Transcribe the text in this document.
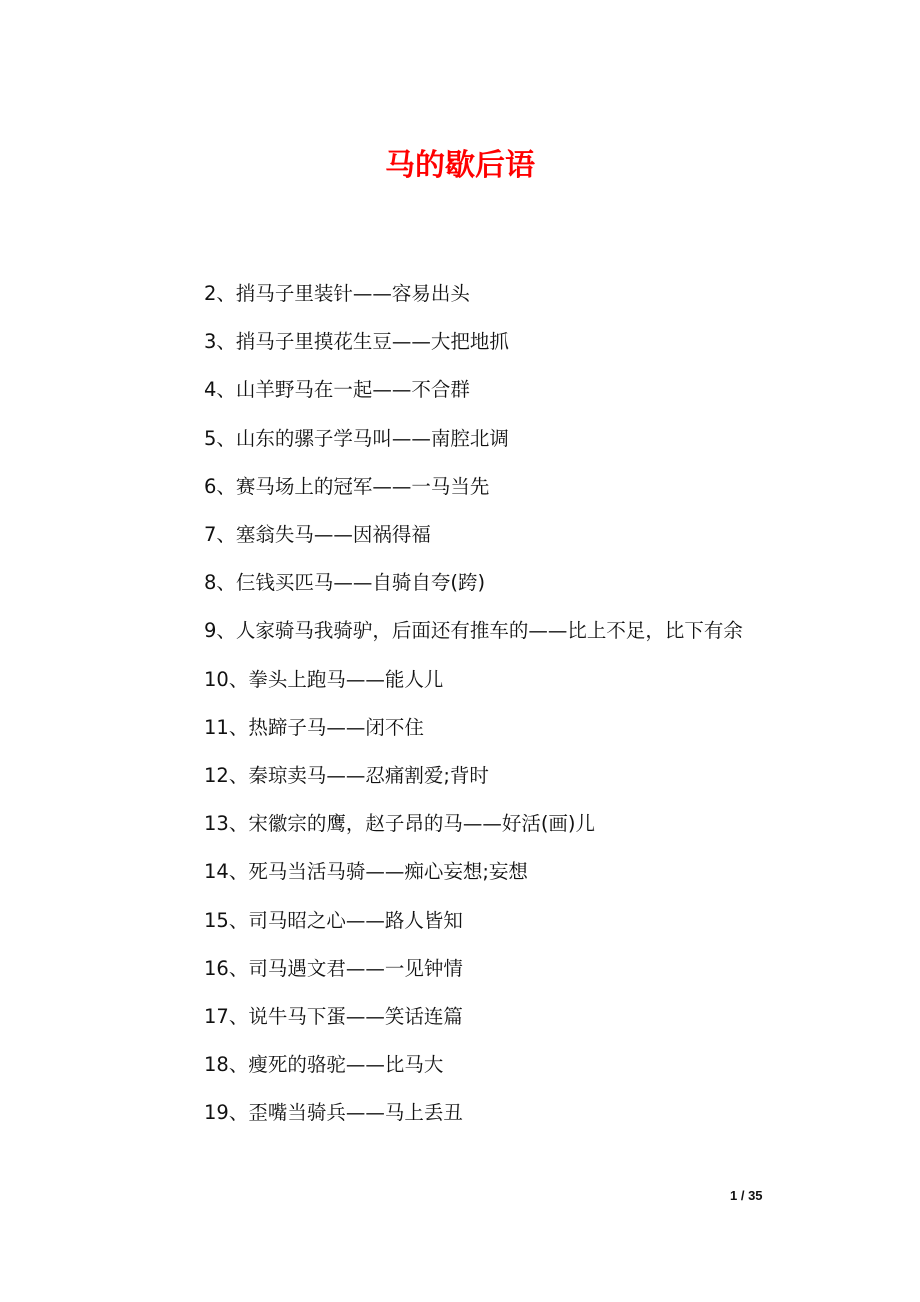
马的歇后语
2、捎马子里装针——容易出头
3、捎马子里摸花生豆——大把地抓
4、山羊野马在一起——不合群
5、山东的骡子学马叫——南腔北调
6、赛马场上的冠军——一马当先
7、塞翁失马——因祸得福
8、仨钱买匹马——自骑自夸(跨)
9、人家骑马我骑驴，后面还有推车的——比上不足，比下有余
10、拳头上跑马——能人儿
11、热蹄子马——闭不住
12、秦琼卖马——忍痛割爱;背时
13、宋徽宗的鹰，赵子昂的马——好活(画)儿
14、死马当活马骑——痴心妄想;妄想
15、司马昭之心——路人皆知
16、司马遇文君——一见钟情
17、说牛马下蛋——笑话连篇
18、瘦死的骆驼——比马大
19、歪嘴当骑兵——马上丢丑
1 / 35
